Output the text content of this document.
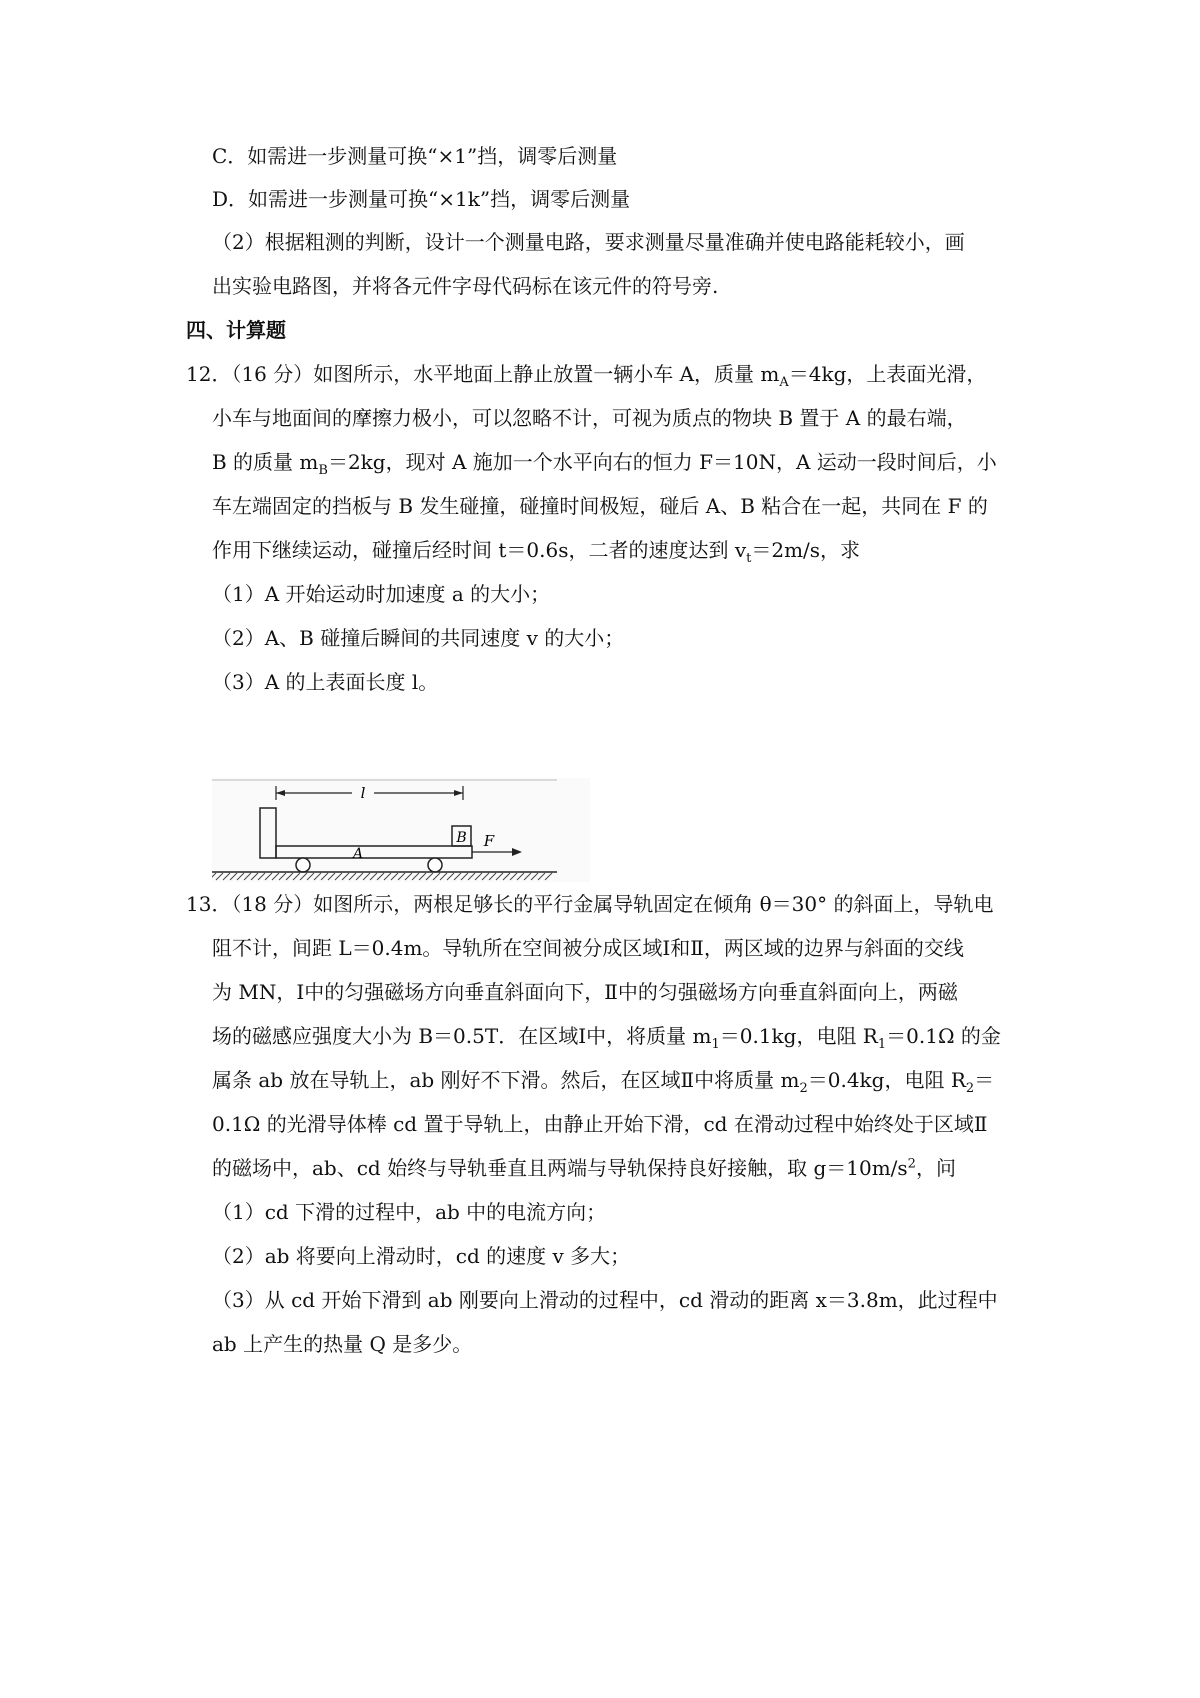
C．如需进一步测量可换“×1”挡，调零后测量
D．如需进一步测量可换“×1k”挡，调零后测量
（2）根据粗测的判断，设计一个测量电路，要求测量尽量准确并使电路能耗较小，画
出实验电路图，并将各元件字母代码标在该元件的符号旁.
四、计算题
12．（16 分）如图所示，水平地面上静止放置一辆小车 A，质量 $m_A=4kg$，上表面光滑，
小车与地面间的摩擦力极小，可以忽略不计，可视为质点的物块 B 置于 A 的最右端，
B 的质量 $m_B=2kg$，现对 A 施加一个水平向右的恒力 F＝10N，A 运动一段时间后，小
车左端固定的挡板与 B 发生碰撞，碰撞时间极短，碰后 A、B 粘合在一起，共同在 F 的
作用下继续运动，碰撞后经时间 t＝0.6s，二者的速度达到 $v_t=2m/s$，求
（1）A 开始运动时加速度 a 的大小；
（2）A、B 碰撞后瞬间的共同速度 v 的大小；
（3）A 的上表面长度 l。
l
B
A
F
13．（18 分）如图所示，两根足够长的平行金属导轨固定在倾角 θ＝30° 的斜面上，导轨电
阻不计，间距 L＝0.4m。导轨所在空间被分成区域Ⅰ和Ⅱ，两区域的边界与斜面的交线
为 MN，Ⅰ中的匀强磁场方向垂直斜面向下，Ⅱ中的匀强磁场方向垂直斜面向上，两磁
场的磁感应强度大小为 B＝0.5T．在区域Ⅰ中，将质量 $m_1=0.1kg$，电阻 $R_1=0.1\Omega$ 的金
属条 ab 放在导轨上，ab 刚好不下滑。然后，在区域Ⅱ中将质量 $m_2=0.4kg$，电阻 $R_2=$
0.1Ω 的光滑导体棒 cd 置于导轨上，由静止开始下滑，cd 在滑动过程中始终处于区域Ⅱ
的磁场中，ab、cd 始终与导轨垂直且两端与导轨保持良好接触，取 $g=10m/s^2$，问
（1）cd 下滑的过程中，ab 中的电流方向；
（2）ab 将要向上滑动时，cd 的速度 v 多大；
（3）从 cd 开始下滑到 ab 刚要向上滑动的过程中，cd 滑动的距离 x＝3.8m，此过程中
ab 上产生的热量 Q 是多少。
